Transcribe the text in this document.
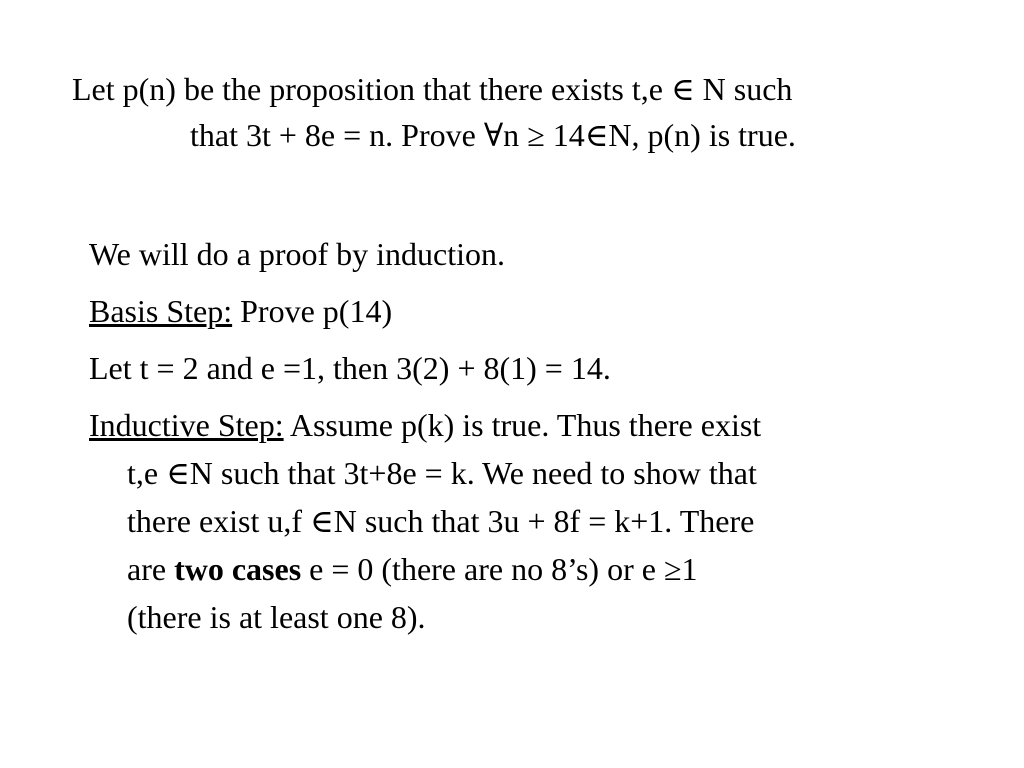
Let p(n) be the proposition that there exists t,e ∈ N such
that 3t + 8e = n. Prove ∀n ≥ 14∈N, p(n) is true.
We will do a proof by induction.
Basis Step: Prove p(14)
Let t = 2 and e =1, then 3(2) + 8(1) = 14.
Inductive Step: Assume p(k) is true. Thus there exist
t,e ∈N such that 3t+8e = k. We need to show that
there exist u,f ∈N such that 3u + 8f = k+1. There
are two cases e = 0 (there are no 8’s) or e ≥1
(there is at least one 8).
